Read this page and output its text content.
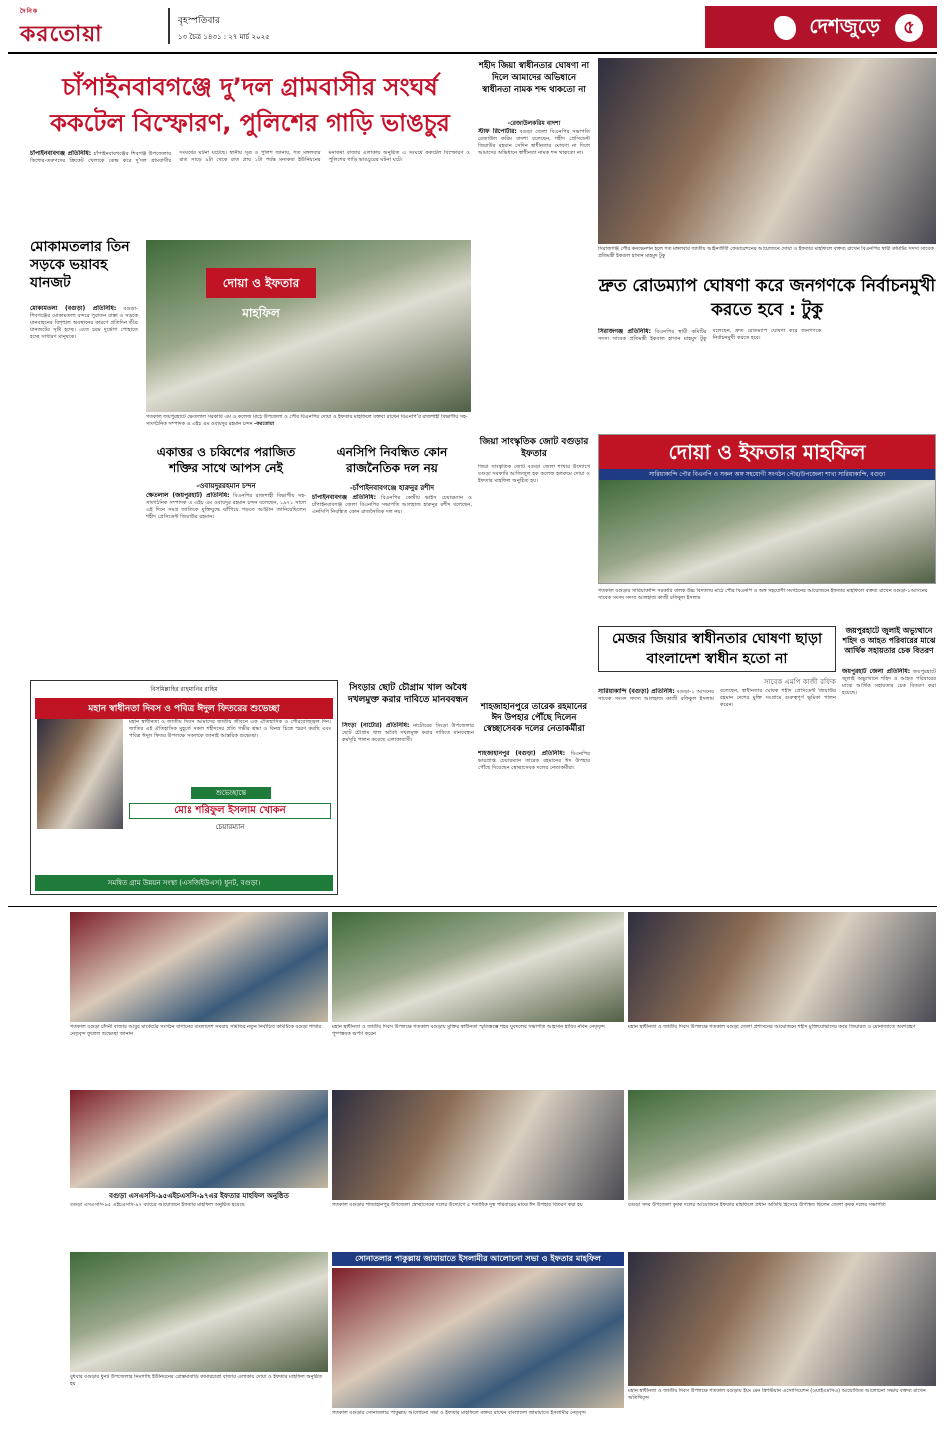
দৈনিক
করতোয়া
বৃহস্পতিবার
১৩ চৈত্র ১৪৩১ : ২৭ মার্চ ২০২৫	দেশজুড়ে ৫
চাঁপাইনবাবগঞ্জে দু’দল গ্রামবাসীর সংঘর্ষ
ককটেল বিস্ফোরণ, পুলিশের গাড়ি ভাঙচুর
চাঁপাইনবাবগঞ্জ প্রতিনিধি: চাঁপাইনবাবগঞ্জের শিবগঞ্জ উপজেলায় কিশোর-তরুণদের ক্রিকেট খেলাকে কেন্দ্র করে দু’দল গ্রামবাসীর সংঘর্ষের ঘটনা ঘটেছে। স্থানীয় সূত্র ও পুলিশ জানায়, গত মঙ্গলবার রাত সাড়ে ৯টা থেকে রাত প্রায় ১টা পর্যন্ত মনাকষা ইউনিয়নের মনাকষা বাজার এলাকায় অনুষ্ঠিত এ সংঘর্ষে ককটেল বিস্ফোরণ ও পুলিশের গাড়ি ভাঙচুরের ঘটনা ঘটে।
মোকামতলার তিন সড়কে ভয়াবহ যানজট
মোকামতলা (বগুড়া) প্রতিনিধি: বগুড়া-শিবগঞ্জের মোকামতলা বন্দরে পুরাতন রাস্তা ও সড়কে যানবাহনের বিশৃঙ্খল অবস্থানের কারণে প্রতিদিন তীব্র যানজটের সৃষ্টি হচ্ছে। এতে চরম দুর্ভোগ পোহাতে হচ্ছে সাধারণ মানুষকে।
দোয়া ও ইফতার মাহফিল
গতকাল জয়পুরহাটে ক্ষেতলাল সরকারি এম ও কলেজ মাঠে উপজেলা ও পৌর বিএনপির দোয়া ও ইফতার মাহফিলে বক্তব্য রাখেন বিএনপি’র রাজশাহী বিভাগীয় সহ-সাংগঠনিক সম্পাদক এ এইচ এম ওবায়দুর রহমান চন্দন -করতোয়া
একাত্তর ও চব্বিশের পরাজিত শক্তির সাথে আপস নেই
-ওবায়দুররহমান চন্দন
ক্ষেতলাল (জয়পুরহাট) প্রতিনিধি: বিএনপির রাজশাহী বিভাগীয় সহ-সাংগঠনিক সম্পাদক এ এইচ এম ওবায়দুর রহমান চন্দন বলেছেন, ১৯৭১ সালে এই দিনে সমগ্র জাতিকে মুক্তিযুদ্ধে ঝাঁপিয়ে পড়তে আহ্বান জানিয়েছিলেন শহীদ প্রেসিডেন্ট জিয়াউর রহমান।
এনসিপি নিবন্ধিত কোন রাজনৈতিক দল নয়
-চাঁপাইনবাবগঞ্জে হারুনুর রশীদ
চাঁপাইনবাবগঞ্জ প্রতিনিধি: বিএনপির কেন্দ্রীয় ভাইস চেয়ারম্যান ও চাঁপাইনবাবগঞ্জ জেলা বিএনপির সভাপতি আলহাজ হারুনুর রশীদ বলেছেন, এনসিপি নিবন্ধিত কোন রাজনৈতিক দল নয়।
বিসমিল্লাহির রাহমানির রাহিম
মহান স্বাধীনতা দিবস ও পবিত্র ঈদুল ফিতরের শুভেচ্ছা
মহান স্বাধীনতা ও জাতীয় দিবস আমাদের জাতীয় জীবনে এক ঐতিহাসিক ও গৌরবোজ্জ্বল দিন। জাতির এই ঐতিহাসিক মুহূর্তে সকল শহীদদের প্রতি গভীর শ্রদ্ধা ও বিনম্র চিত্তে স্মরণ করছি এবং পবিত্র ঈদুল ফিতর উপলক্ষে সকলকে জানাই আন্তরিক শুভেচ্ছা।
শুভেচ্ছান্তে
মোঃ শরিফুল ইসলাম খোকন
চেয়ারম্যান
সমন্বিত গ্রাম উন্নয়ন সংস্থা (এসজিইউএস) ধুনট, বগুড়া।
সিংড়ার ছোট চৌগ্রাম খাল অবৈধ দখলমুক্ত করার দাবিতে মানববন্ধন
সিংড়া (নাটোর) প্রতিনিধি: নাটোরের সিংড়া উপজেলার ছোট চৌগ্রাম খাল অবৈধ দখলমুক্ত করার দাবিতে মানববন্ধন কর্মসূচি পালন করেছে এলাকাবাসী।
শহীদ জিয়া স্বাধীনতার ঘোষণা না দিলে আমাদের অভিধানে স্বাধীনতা নামক শব্দ থাকতো না
-রেজাউলকরিম বাদশা
স্টাফ রিপোর্টার: বগুড়া জেলা বিএনপির সভাপতি রেজাউল করিম বাদশা বলেছেন, শহীদ প্রেসিডেন্ট জিয়াউর রহমান সেদিন স্বাধীনতার ঘোষণা না দিলে আমাদের অভিধানে স্বাধীনতা নামক শব্দ থাকতো না।
সিরাজগঞ্জ পৌর কনভেনশন হলে গত মঙ্গলবার জাতীয় আইনজীবী ফেডারেশনের আয়োজনে দোয়া ও ইফতার মাহফিলে বক্তব্য রাখেন বিএনপির স্থায়ী কমিটির সদস্য সাবেক প্রতিমন্ত্রী ইকবাল হাসান মাহমুদ টুকু
দ্রুত রোডম্যাপ ঘোষণা করে জনগণকে নির্বাচনমুখী করতে হবে : টুকু
সিরাজগঞ্জ প্রতিনিধি: বিএনপির স্থায়ী কমিটির সদস্য সাবেক প্রতিমন্ত্রী ইকবাল হাসান মাহমুদ টুকু বলেছেন, দ্রুত রোডম্যাপ ঘোষণা করে জনগণকে নির্বাচনমুখী করতে হবে।
জিয়া সাংস্কৃতিক জোট বগুড়ার ইফতার
জিয়া সাংস্কৃতিক জোট বগুড়া জেলা শাখার উদ্যোগে বগুড়া সরকারি আজিজুল হক কলেজ হলরুমে দোয়া ও ইফতার মাহফিল অনুষ্ঠিত হয়।
দোয়া ও ইফতার মাহফিল
সারিয়াকান্দি পৌর বিএনপি ও সকল অঙ্গ সহযোগী সংগঠন পৌর/উপজেলা শাখা সারিয়াকান্দি, বগুড়া
গতকাল বগুড়ার সারিয়াকান্দি সরকারি বালক উচ্চ বিদ্যালয় মাঠে পৌর বিএনপি ও অঙ্গ সহযোগী সংগঠনের আয়োজনে ইফতার মাহফিলে বক্তব্য রাখেন বগুড়া-১আসনের সাবেক সংসদ সদস্য আলহাজ কাজী রফিকুল ইসলাম
শাহজাহানপুরে তারেক রহমানের ঈদ উপহার পৌঁছে দিলেন স্বেচ্ছাসেবক দলের নেতাকর্মীরা
শাহজাহানপুর (বগুড়া) প্রতিনিধি: বিএনপির ভারপ্রাপ্ত চেয়ারম্যান তারেক রহমানের ঈদ উপহার পৌঁছে দিয়েছেন স্বেচ্ছাসেবক দলের নেতাকর্মীরা।
মেজর জিয়ার স্বাধীনতার ঘোষণা ছাড়া বাংলাদেশ স্বাধীন হতো না
সাবেক এমপি কাজী রফিক
সারিয়াকান্দি (বগুড়া) প্রতিনিধি: বগুড়া-১ আসনের সাবেক সংসদ সদস্য আলহাজ কাজী রফিকুল ইসলাম বলেছেন, স্বাধীনতার ঘোষক শহীদ প্রেসিডেন্ট জিয়াউর রহমান দেশের মুক্তি সংগ্রামে গুরুত্বপূর্ণ ভূমিকা পালন করেন।
জয়পুরহাটে জুলাই অভ্যুত্থানে শহিদ ও আহত পরিবারের মাঝে আর্থিক সহায়তার চেক বিতরণ
জয়পুরহাট জেলা প্রতিনিধি: জয়পুরহাটে জুলাই অভ্যুত্থানে শহিদ ও আহত পরিবারের মাঝে আর্থিক সহায়তার চেক বিতরণ করা হয়েছে।
গতকাল বগুড়া চাঁদনী বাজার আবুর মার্কেটের সংগঠন বাগানের বাংলাদেশ সমবায় সমিতির নতুন নির্বাচিত কমিটিকে বগুড়া শাখার নেতৃবৃন্দ ফুলেল শুভেচ্ছা জানান
মহান স্বাধীনতা ও জাতীয় দিবস উপলক্ষে গতকাল বগুড়ায় মুক্তির স্বাধীনতা স্মৃতিস্তম্ভে শহর যুবদলের সভাপতি আহসান হাবিব নবিন নেতৃবৃন্দ পুষ্পস্তবক অর্পণ করেন
মহান স্বাধীনতা ও জাতীয় দিবস উপলক্ষে গতকাল বগুড়া জেলা প্রশাসনের আয়োজনে শহীদ মুক্তিযোদ্ধাদের কবর জিয়ারত ও মোনাজাতে অংশগ্রহণ
বগুড়া এসএসসি-৯৫এইচএসসি-৯৭এর ইফতার মাহফিল অনুষ্ঠিত
বগুড়া এসএসসি-৯৫ এইচএসসি-৯৭ ব্যাচের আয়োজনে ইফতার মাহফিল অনুষ্ঠিত হয়েছে	গতকাল বগুড়ার শাজাহানপুর উপজেলা স্বেচ্ছাসেবক দলের উদ্যোগে ৫ শতাধিক দুস্থ পরিবারের মাঝে ঈদ উপহার বিতরণ করা হয়	বগুড়া সদর উপজেলা কৃষক দলের আয়োজনে ইফতার মাহফিলে প্রধান অতিথি হিসেবে উপস্থিত ছিলেন জেলা কৃষক দলের সভাপতি
বুধবার বগুড়ার ধুনট উপজেলার নিমগাছি ইউনিয়নের রোস্তমাবাড়ি কামারচাত্রা বাজার এলাকায় দোয়া ও ইফতার মাহফিল অনুষ্ঠিত হয়
সোনাতলার পাকুল্লায় জামায়াতে ইসলামীর আলোচনা সভা ও ইফতার মাহফিল
গতকাল বগুড়ার সোনাতলার পাকুল্লায় আলোচনা সভা ও ইফতার মাহফিলে বক্তব্য রাখেন বাংলাদেশ জামায়াতে ইসলামীর নেতৃবৃন্দ
মহান স্বাধীনতা ও জাতীয় দিবস উপলক্ষে গতকাল বগুড়ায় ইয়ং মেন ক্রিস্টিয়ান এসোসিয়েশন (ওয়াইএমসিএ) আয়োজিত আলোচনা সভায় বক্তব্য রাখেন অতিথিবৃন্দ
